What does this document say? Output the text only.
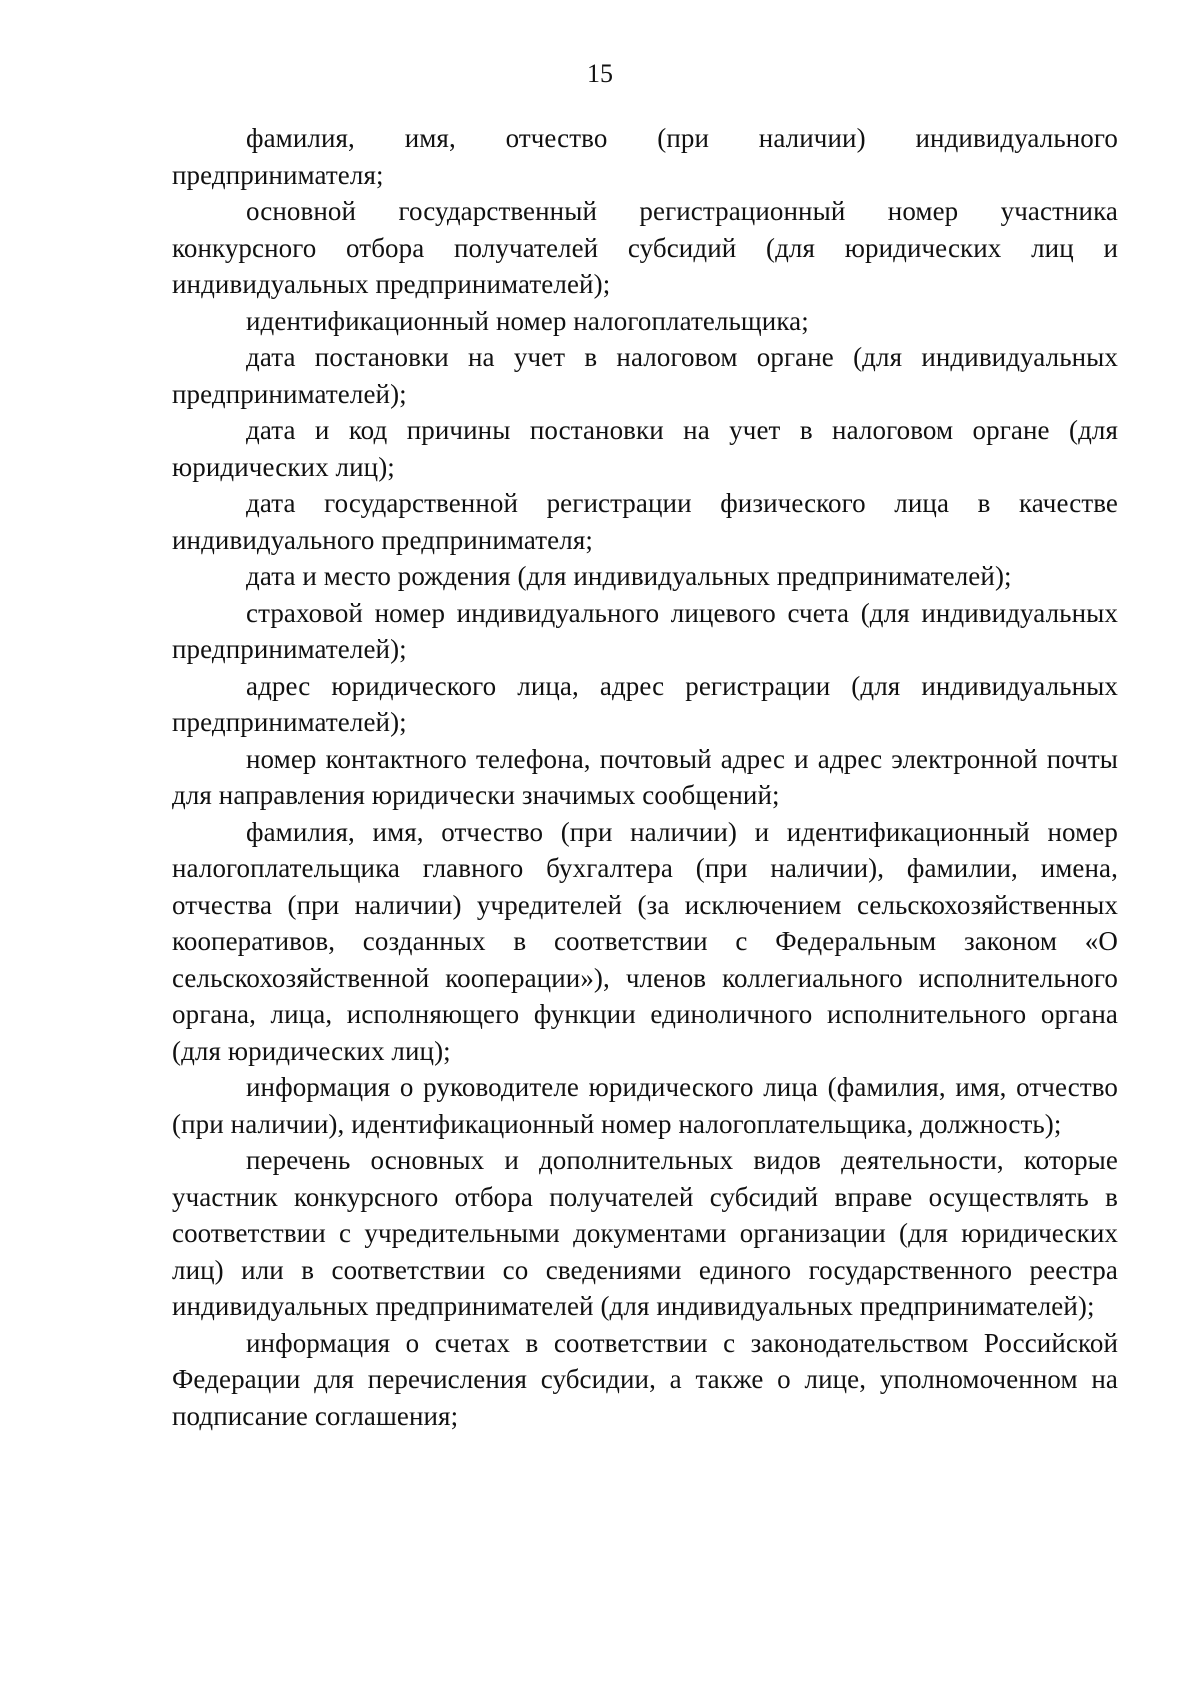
15

фамилия, имя, отчество (при наличии) индивидуального предпринимателя;

основной государственный регистрационный номер участника конкурсного отбора получателей субсидий (для юридических лиц и индивидуальных предпринимателей);

идентификационный номер налогоплательщика;

дата постановки на учет в налоговом органе (для индивидуальных предпринимателей);

дата и код причины постановки на учет в налоговом органе (для юридических лиц);

дата государственной регистрации физического лица в качестве индивидуального предпринимателя;

дата и место рождения (для индивидуальных предпринимателей);

страховой номер индивидуального лицевого счета (для индивидуальных предпринимателей);

адрес юридического лица, адрес регистрации (для индивидуальных предпринимателей);

номер контактного телефона, почтовый адрес и адрес электронной почты для направления юридически значимых сообщений;

фамилия, имя, отчество (при наличии) и идентификационный номер налогоплательщика главного бухгалтера (при наличии), фамилии, имена, отчества (при наличии) учредителей (за исключением сельскохозяйственных кооперативов, созданных в соответствии с Федеральным законом «О сельскохозяйственной кооперации»), членов коллегиального исполнительного органа, лица, исполняющего функции единоличного исполнительного органа (для юридических лиц);

информация о руководителе юридического лица (фамилия, имя, отчество (при наличии), идентификационный номер налогоплательщика, должность);

перечень основных и дополнительных видов деятельности, которые участник конкурсного отбора получателей субсидий вправе осуществлять в соответствии с учредительными документами организации (для юридических лиц) или в соответствии со сведениями единого государственного реестра индивидуальных предпринимателей (для индивидуальных предпринимателей);

информация о счетах в соответствии с законодательством Российской Федерации для перечисления субсидии, а также о лице, уполномоченном на подписание соглашения;
